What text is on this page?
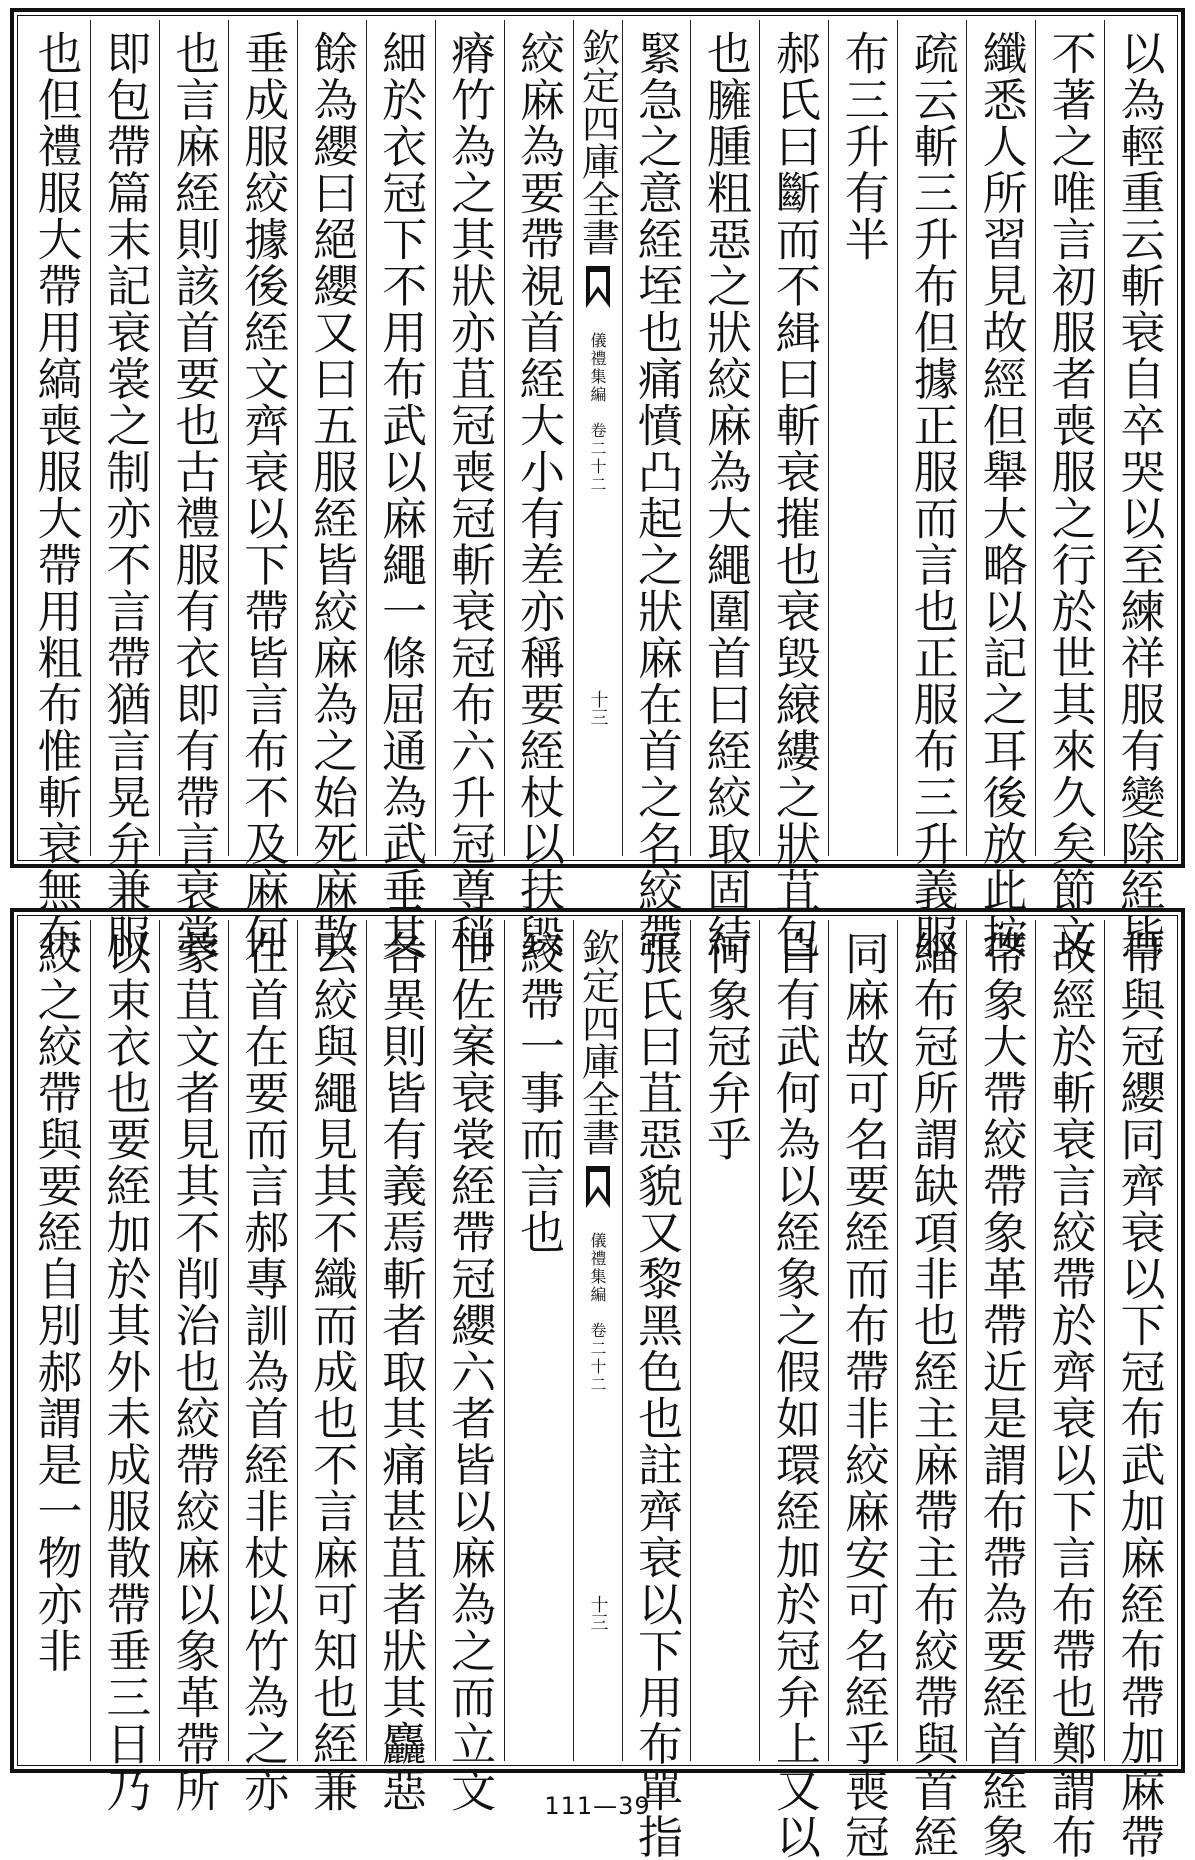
以為輕重云斬衰自卒哭以至練祥服有變除絰皆
不著之唯言初服者喪服之行於世其來久矣節文
纖悉人所習見故經但舉大略以記之耳後放此按
疏云斬三升布但據正服而言也正服布三升義服
布三升有半
郝氏曰斷而不緝曰斬衰摧也衰毀縗縷之狀苴包
也臃腫粗惡之狀絞麻為大繩圍首曰絰絞取固結
緊急之意絰垤也痛憤凸起之狀麻在首之名絞帶
欽定四庫全書
儀禮集編　卷二十二
十三
絞麻為要帶視首絰大小有差亦稱要絰杖以扶毀
瘠竹為之其狀亦苴冠喪冠斬衰冠布六升冠尊稍
細於衣冠下不用布武以麻繩一條屈通為武垂其
餘為纓曰絕纓又曰五服絰皆絞麻為之始死麻散
垂成服絞據後絰文齊衰以下帶皆言布不及麻何
也言麻絰則該首要也古禮服有衣即有帶言衰裳
即包帶篇末記衰裳之制亦不言帶猶言晃弁兼服
也但禮服大帶用縞喪服大帶用粗布惟斬衰無布
帶與冠纓同齊衰以下冠布武加麻絰布帶加麻帶
故經於斬衰言絞帶於齊衰以下言布帶也鄭謂布
帶象大帶絞帶象革帶近是謂布帶為要絰首絰象
緇布冠所謂缺項非也絰主麻帶主布絞帶與首絰
同麻故可名要絰而布帶非絞麻安可名絰乎喪冠
自有武何為以絰象之假如環絰加於冠弁上又以
何象冠弁乎
張氏曰苴惡貌又黎黑色也註齊衰以下用布單指
欽定四庫全書
儀禮集編　卷二十二
十三
絞帶一事而言也
世佐案衰裳絰帶冠纓六者皆以麻為之而立文
各異則皆有義焉斬者取其痛甚苴者狀其麤惡
云絞與繩見其不織而成也不言麻可知也絰兼
在首在要而言郝專訓為首絰非杖以竹為之亦
蒙苴文者見其不削治也絞帶絞麻以象革帶所
以束衣也要絰加於其外未成服散帶垂三日乃
絞之絞帶與要絰自別郝謂是一物亦非
111—39
